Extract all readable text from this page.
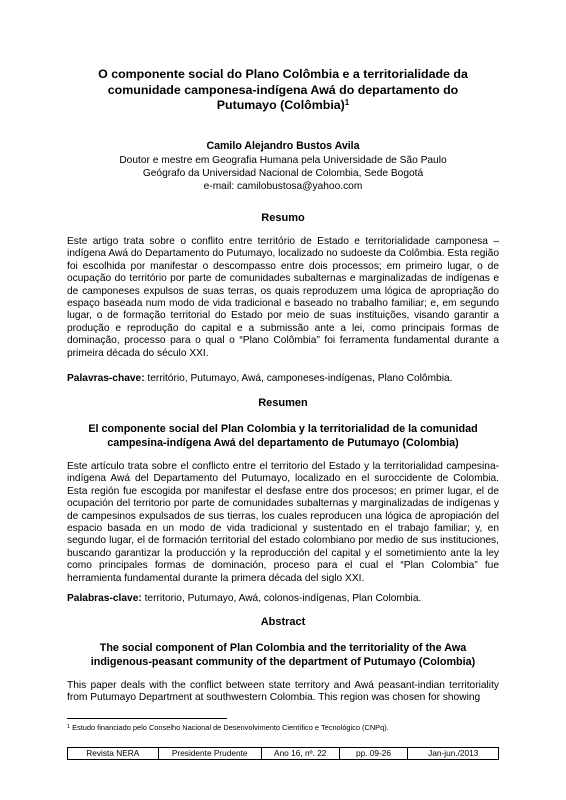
O componente social do Plano Colômbia e a territorialidade da
comunidade camponesa-indígena Awá do departamento do
Putumayo (Colômbia)$^1$
Camilo Alejandro Bustos Avila
Doutor e mestre em Geografia Humana pela Universidade de São Paulo
Geógrafo da Universidad Nacional de Colombia, Sede Bogotá
e-mail: camilobustosa@yahoo.com
Resumo
Este artigo trata sobre o conflito entre território de Estado e territorialidade camponesa – indígena Awá do Departamento do Putumayo, localizado no sudoeste da Colômbia. Esta região foi escolhida por manifestar o descompasso entre dois processos; em primeiro lugar, o de ocupação do território por parte de comunidades subalternas e marginalizadas de indígenas e de camponeses expulsos de suas terras, os quais reproduzem uma lógica de apropriação do espaço baseada num modo de vida tradicional e baseado no trabalho familiar; e, em segundo lugar, o de formação territorial do Estado por meio de suas instituições, visando garantir a produção e reprodução do capital e a submissão ante a lei, como principais formas de dominação, processo para o qual o “Plano Colômbia” foi ferramenta fundamental durante a primeira década do século XXI.
Palavras-chave: território, Putumayo, Awá, camponeses-indígenas, Plano Colômbia.
Resumen
El componente social del Plan Colombia y la territorialidad de la comunidad
campesina-indígena Awá del departamento de Putumayo (Colombia)
Este artículo trata sobre el conflicto entre el territorio del Estado y la territorialidad campesina-indígena Awá del Departamento del Putumayo, localizado en el suroccidente de Colombia. Esta región fue escogida por manifestar el desfase entre dos procesos; en primer lugar, el de ocupación del territorio por parte de comunidades subalternas y marginalizadas de indígenas y de campesinos expulsados de sus tierras, los cuales reproducen una lógica de apropiación del espacio basada en un modo de vida tradicional y sustentado en el trabajo familiar; y, en segundo lugar, el de formación territorial del estado colombiano por medio de sus instituciones, buscando garantizar la producción y la reproducción del capital y el sometimiento ante la ley como principales formas de dominación, proceso para el cual el “Plan Colombia” fue herramienta fundamental durante la primera década del siglo XXI.
Palabras-clave: territorio, Putumayo, Awá, colonos-indígenas, Plan Colombia.
Abstract
The social component of Plan Colombia and the territoriality of the Awa
indigenous-peasant community of the department of Putumayo (Colombia)
This paper deals with the conflict between state territory and Awá peasant-indian territoriality from Putumayo Department at southwestern Colombia. This region was chosen for showing
$^1$ Estudo financiado pelo Conselho Nacional de Desenvolvimento Científico e Tecnológico (CNPq).
Revista NERA	Presidente Prudente	Ano 16, nº. 22	pp. 09-26	Jan-jun./2013
